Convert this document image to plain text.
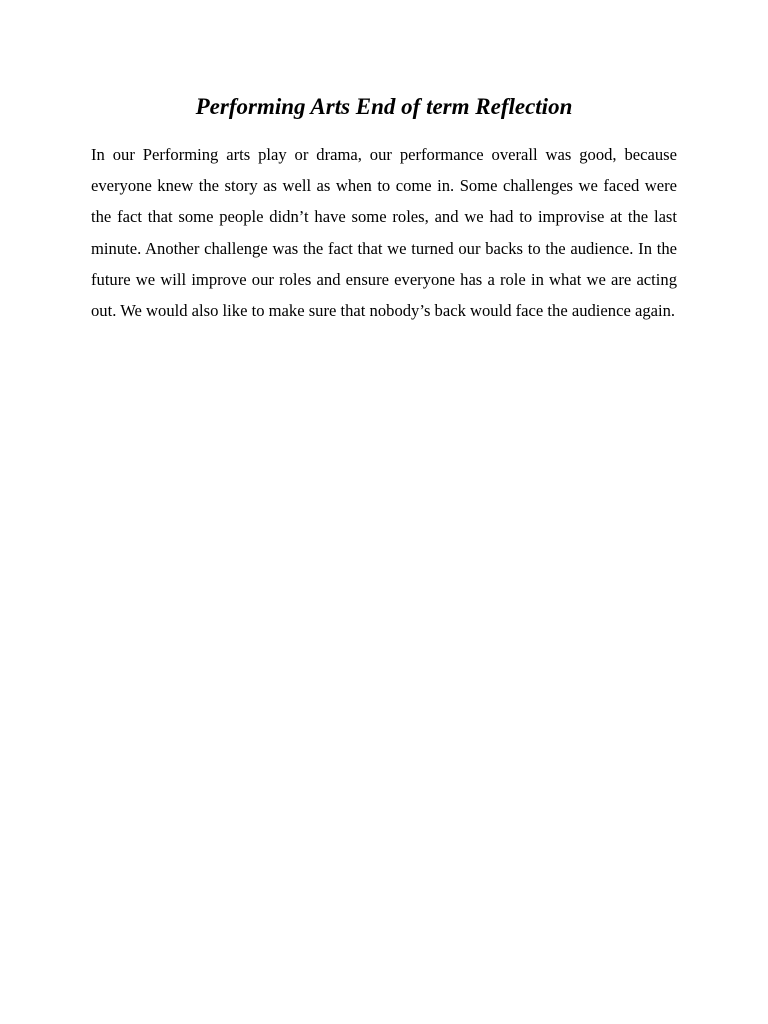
Performing Arts End of term Reflection

In our Performing arts play or drama, our performance overall was good, because everyone knew the story as well as when to come in. Some challenges we faced were the fact that some people didn’t have some roles, and we had to improvise at the last minute. Another challenge was the fact that we turned our backs to the audience. In the future we will improve our roles and ensure everyone has a role in what we are acting out. We would also like to make sure that nobody’s back would face the audience again.
